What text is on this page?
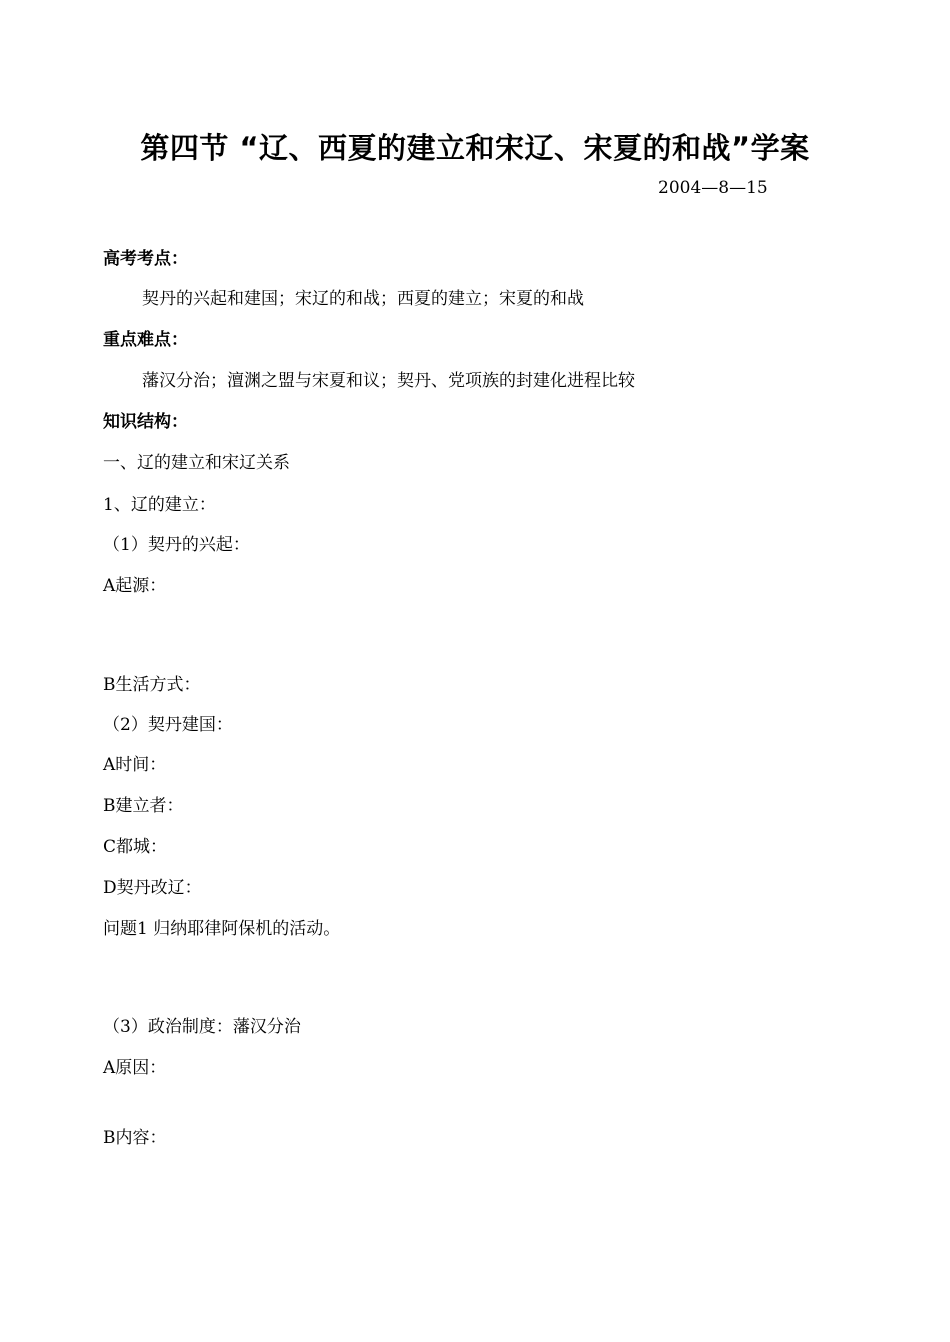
第四节 “辽、西夏的建立和宋辽、宋夏的和战”学案
2004—8—15
高考考点：
契丹的兴起和建国；宋辽的和战；西夏的建立；宋夏的和战
重点难点：
藩汉分治；澶渊之盟与宋夏和议；契丹、党项族的封建化进程比较
知识结构：
一、辽的建立和宋辽关系
1、辽的建立：
（1）契丹的兴起：
A起源：
B生活方式：
（2）契丹建国：
A时间：
B建立者：
C都城：
D契丹改辽：
问题1 归纳耶律阿保机的活动。
（3）政治制度：藩汉分治
A原因：
B内容：
